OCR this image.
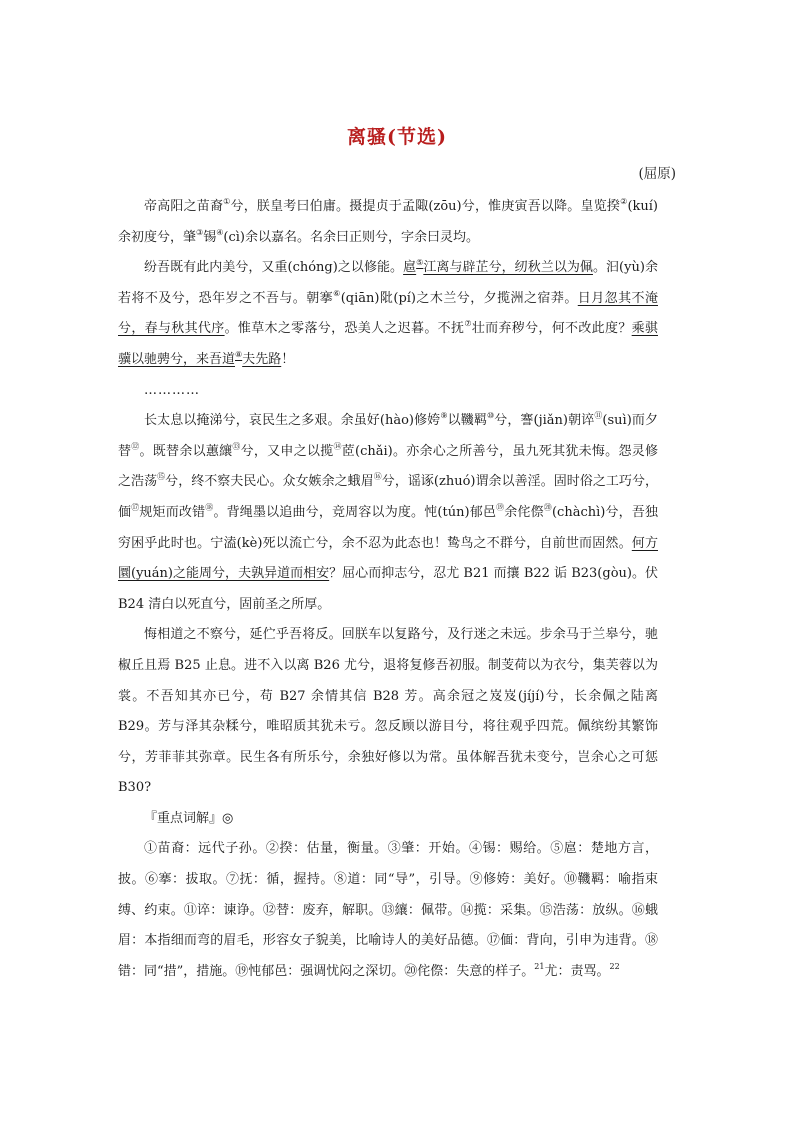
离骚(节选)
(屈原)

帝高阳之苗裔①兮，朕皇考曰伯庸。摄提贞于孟陬(zōu)兮，惟庚寅吾以降。皇览揆②(kuí)余初度兮，肇③锡④(cì)余以嘉名。名余曰正则兮，字余曰灵均。

纷吾既有此内美兮，又重(chóng)之以修能。扈⑤江离与辟芷兮，纫秋兰以为佩。汩(yù)余若将不及兮，恐年岁之不吾与。朝搴⑥(qiān)阰(pí)之木兰兮，夕揽洲之宿莽。日月忽其不淹兮，春与秋其代序。惟草木之零落兮，恐美人之迟暮。不抚⑦壮而弃秽兮，何不改此度？乘骐骥以驰骋兮，来吾道⑧夫先路！

…………

长太息以掩涕兮，哀民生之多艰。余虽好(hào)修姱⑨以鞿羁⑩兮，謇(jiǎn)朝谇⑪(suì)而夕替⑫。既替余以蕙纕⑬兮，又申之以揽⑭茝(chǎi)。亦余心之所善兮，虽九死其犹未悔。怨灵修之浩荡⑮兮，终不察夫民心。众女嫉余之蛾眉⑯兮，谣诼(zhuó)谓余以善淫。固时俗之工巧兮，偭⑰规矩而改错⑱。背绳墨以追曲兮，竞周容以为度。忳(tún)郁邑⑲余侘傺⑳(chàchì)兮，吾独穷困乎此时也。宁溘(kè)死以流亡兮，余不忍为此态也！鸷鸟之不群兮，自前世而固然。何方圜(yuán)之能周兮，夫孰异道而相安？屈心而抑志兮，忍尤 B21 而攘 B22 诟 B23(gòu)。伏 B24 清白以死直兮，固前圣之所厚。

悔相道之不察兮，延伫乎吾将反。回朕车以复路兮，及行迷之未远。步余马于兰皋兮，驰椒丘且焉 B25 止息。进不入以离 B26 尤兮，退将复修吾初服。制芰荷以为衣兮，集芙蓉以为裳。不吾知其亦已兮，苟 B27 余情其信 B28 芳。高余冠之岌岌(jíjí)兮，长余佩之陆离 B29。芳与泽其杂糅兮，唯昭质其犹未亏。忽反顾以游目兮，将往观乎四荒。佩缤纷其繁饰兮，芳菲菲其弥章。民生各有所乐兮，余独好修以为常。虽体解吾犹未变兮，岂余心之可惩 B30?

『重点词解』◎

①苗裔：远代子孙。②揆：估量，衡量。③肇：开始。④锡：赐给。⑤扈：楚地方言，披。⑥搴：拔取。⑦抚：循，握持。⑧道：同“导”，引导。⑨修姱：美好。⑩鞿羁：喻指束缚、约束。⑪谇：谏诤。⑫替：废弃，解职。⑬纕：佩带。⑭揽：采集。⑮浩荡：放纵。⑯蛾眉：本指细而弯的眉毛，形容女子貌美，比喻诗人的美好品德。⑰偭：背向，引申为违背。⑱错：同“措”，措施。⑲忳郁邑：强调忧闷之深切。⑳侘傺：失意的样子。$^{21}$尤：责骂。$^{22}$
